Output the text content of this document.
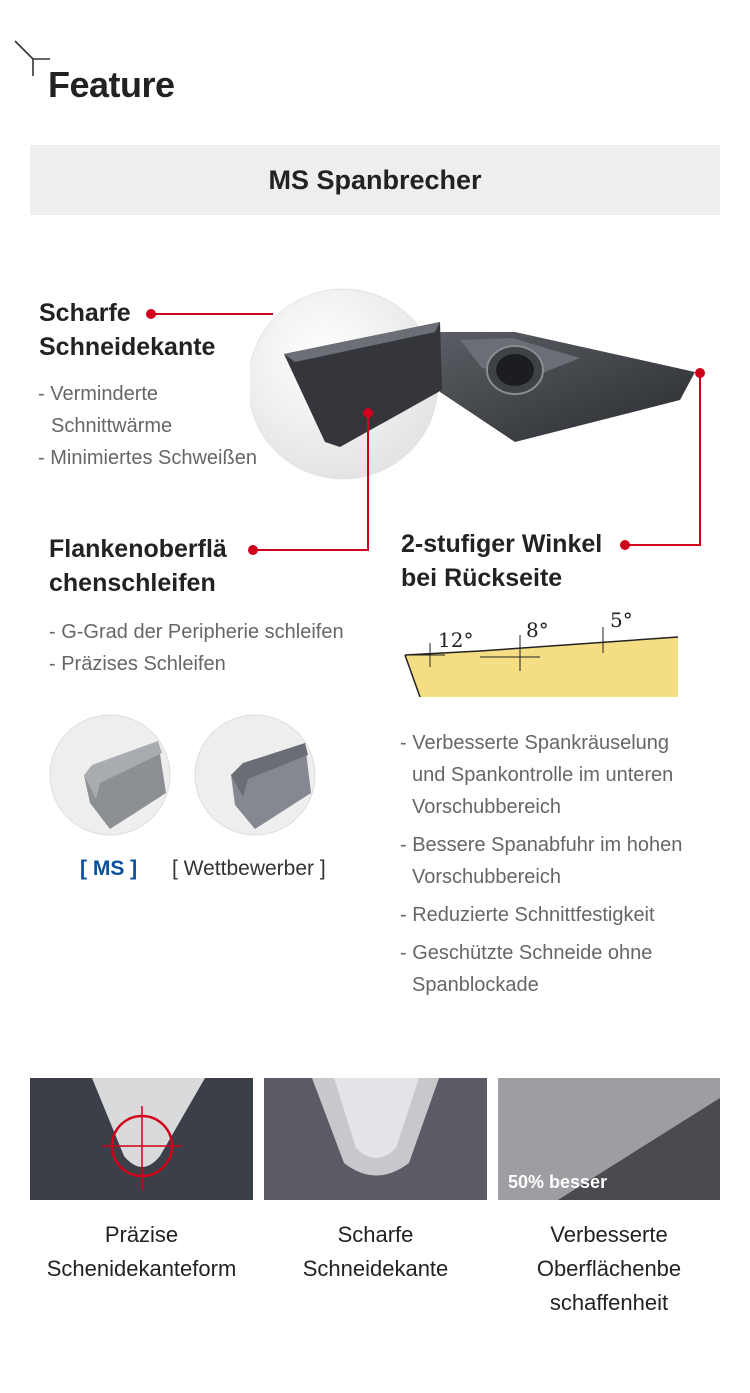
Feature
MS Spanbrecher
Scharfe
Schneidekante
- Verminderte
Schnittwärme
- Minimiertes Schweißen
Flankenoberflä
chenschleifen
- G-Grad der Peripherie schleifen
- Präzises Schleifen
2-stufiger Winkel
bei Rückseite
12°	8°	5°
- Verbesserte Spankräuselung
und Spankontrolle im unteren
Vorschubbereich
- Bessere Spanabfuhr im hohen
Vorschubbereich
- Reduzierte Schnittfestigkeit
- Geschützte Schneide ohne
Spanblockade
[ MS ] [ Wettbewerber ]
50% besser
Präzise
Schenidekanteform
Scharfe
Schneidekante
Verbesserte
Oberflächenbe
schaffenheit
